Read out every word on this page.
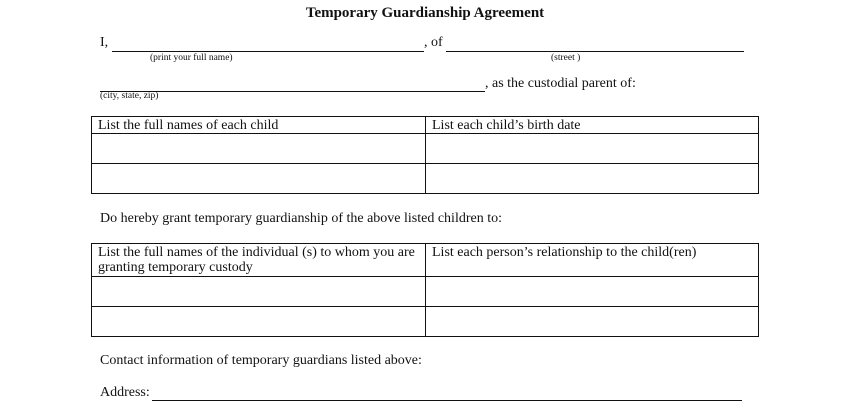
Temporary Guardianship Agreement
I,	, of
(print your full name)	(street )
, as the custodial parent of:
(city, state, zip)
List the full names of each child	List each child’s birth date

Do hereby grant temporary guardianship of the above listed children to:
List the full names of the individual (s) to whom you are granting temporary custody	List each person’s relationship to the child(ren)

Contact information of temporary guardians listed above:
Address:
